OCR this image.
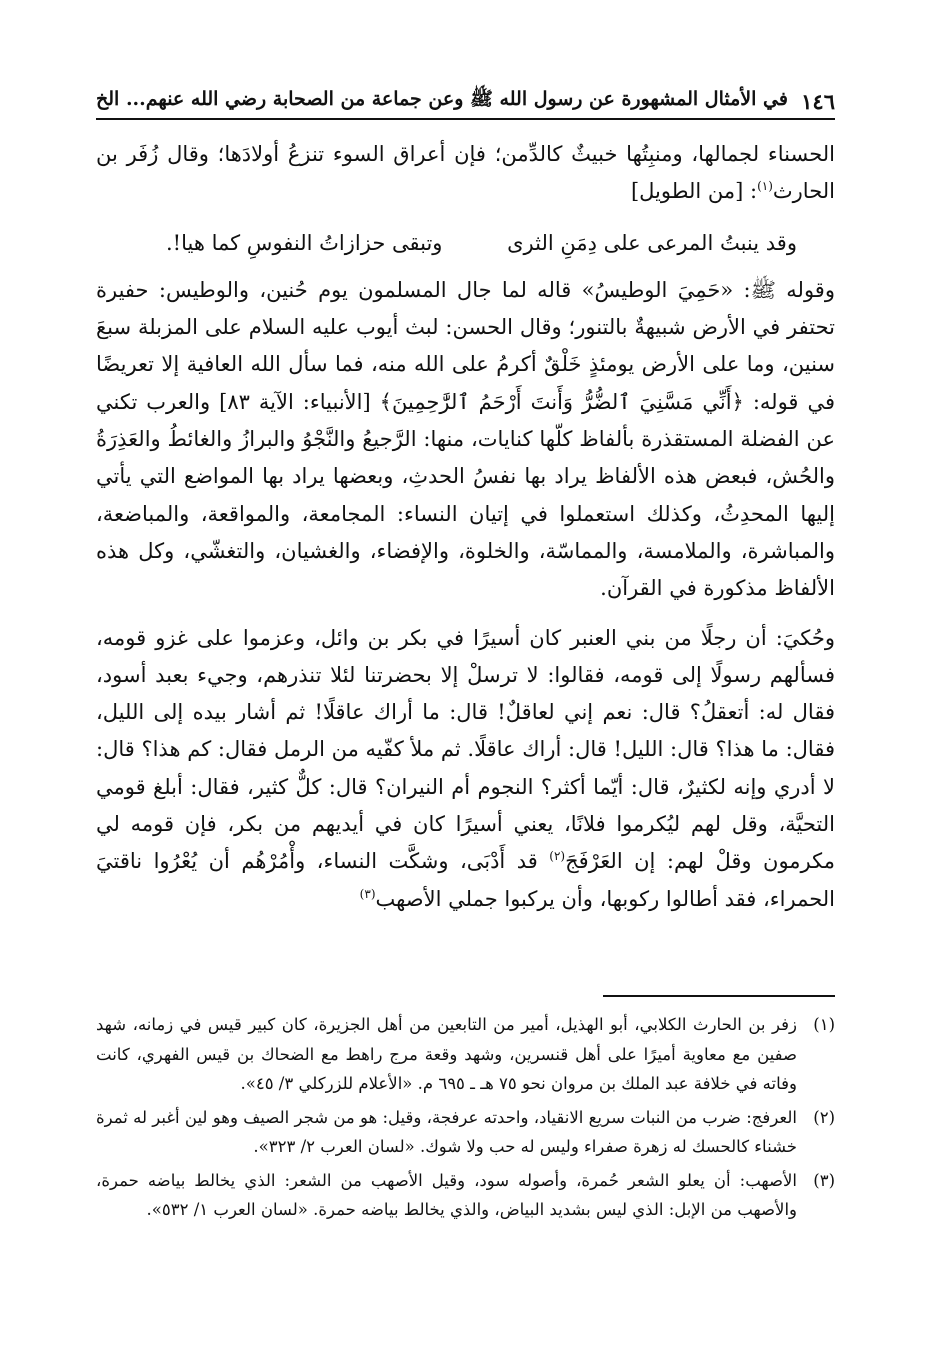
١٤٦
في الأمثال المشهورة عن رسول الله ﷺ وعن جماعة من الصحابة رضي الله عنهم... الخ

الحسناء لجمالها، ومنبِتُها خبيثٌ كالدِّمن؛ فإن أعراق السوء تنزعُ أولادَها؛ وقال زُفَر بن الحارث$^{(١)}$: [من الطويل]

وقد ينبتُ المرعى على دِمَنِ الثرى
وتبقى حزازاتُ النفوسِ كما هيا!.

وقوله ﷺ: «حَمِيَ الوطيسُ» قاله لما جال المسلمون يوم حُنين، والوطيس: حفيرة تحتفر في الأرض شبيهةٌ بالتنور؛ وقال الحسن: لبث أيوب عليه السلام على المزبلة سبعَ سنين، وما على الأرض يومئذٍ خَلْقٌ أكرمُ على الله منه، فما سأل الله العافية إلا تعريضًا في قوله: ﴿أَنِّي مَسَّنِيَ ٱلضُّرُّ وَأَنتَ أَرْحَمُ ٱلرَّٰحِمِينَ﴾ [الأنبياء: الآية ٨٣] والعرب تكني عن الفضلة المستقذرة بألفاظ كلّها كنايات، منها: الرَّجيعُ والنَّجْوُ والبرازُ والغائطُ والعَذِرَةُ والحُش، فبعض هذه الألفاظ يراد بها نفسُ الحدثِ، وبعضها يراد بها المواضع التي يأتي إليها المحدِثُ، وكذلك استعملوا في إتيان النساء: المجامعة، والمواقعة، والمباضعة، والمباشرة، والملامسة، والمماسّة، والخلوة، والإفضاء، والغشيان، والتغشّي، وكل هذه الألفاظ مذكورة في القرآن.

وحُكيَ: أن رجلًا من بني العنبر كان أسيرًا في بكر بن وائل، وعزموا على غزو قومه، فسألهم رسولًا إلى قومه، فقالوا: لا ترسلْ إلا بحضرتنا لئلا تنذرهم، وجيء بعبد أسود، فقال له: أتعقلُ؟ قال: نعم إني لعاقلٌ! قال: ما أراك عاقلًا! ثم أشار بيده إلى الليل، فقال: ما هذا؟ قال: الليل! قال: أراك عاقلًا. ثم ملأ كفّيه من الرمل فقال: كم هذا؟ قال: لا أدري وإنه لكثيرٌ، قال: أيّما أكثر؟ النجوم أم النيران؟ قال: كلٌّ كثير، فقال: أبلغ قومي التحيَّة، وقل لهم ليُكرموا فلانًا، يعني أسيرًا كان في أيديهم من بكر، فإن قومه لي مكرمون وقلْ لهم: إن العَرْفَجَ$^{(٢)}$ قد أَدْبَى، وشكَّت النساء، وأْمُرْهُم أن يُعْرُوا ناقتيَ الحمراء، فقد أطالوا ركوبها، وأن يركبوا جملي الأصهب$^{(٣)}$

(١)
زفر بن الحارث الكلابي، أبو الهذيل، أمير من التابعين من أهل الجزيرة، كان كبير قيس في زمانه، شهد صفين مع معاوية أميرًا على أهل قنسرين، وشهد وقعة مرج راهط مع الضحاك بن قيس الفهري، كانت وفاته في خلافة عبد الملك بن مروان نحو ٧٥ هـ ـ ٦٩٥ م. «الأعلام للزركلي ٣/ ٤٥».
(٢)
العرفج: ضرب من النبات سريع الانقياد، واحدته عرفجة، وقيل: هو من شجر الصيف وهو لين أغبر له ثمرة خشناء كالحسك له زهرة صفراء وليس له حب ولا شوك. «لسان العرب ٢/ ٣٢٣».
(٣)
الأصهب: أن يعلو الشعر حُمرة، وأصوله سود، وقيل الأصهب من الشعر: الذي يخالط بياضه حمرة، والأصهب من الإبل: الذي ليس بشديد البياض، والذي يخالط بياضه حمرة. «لسان العرب ١/ ٥٣٢».
